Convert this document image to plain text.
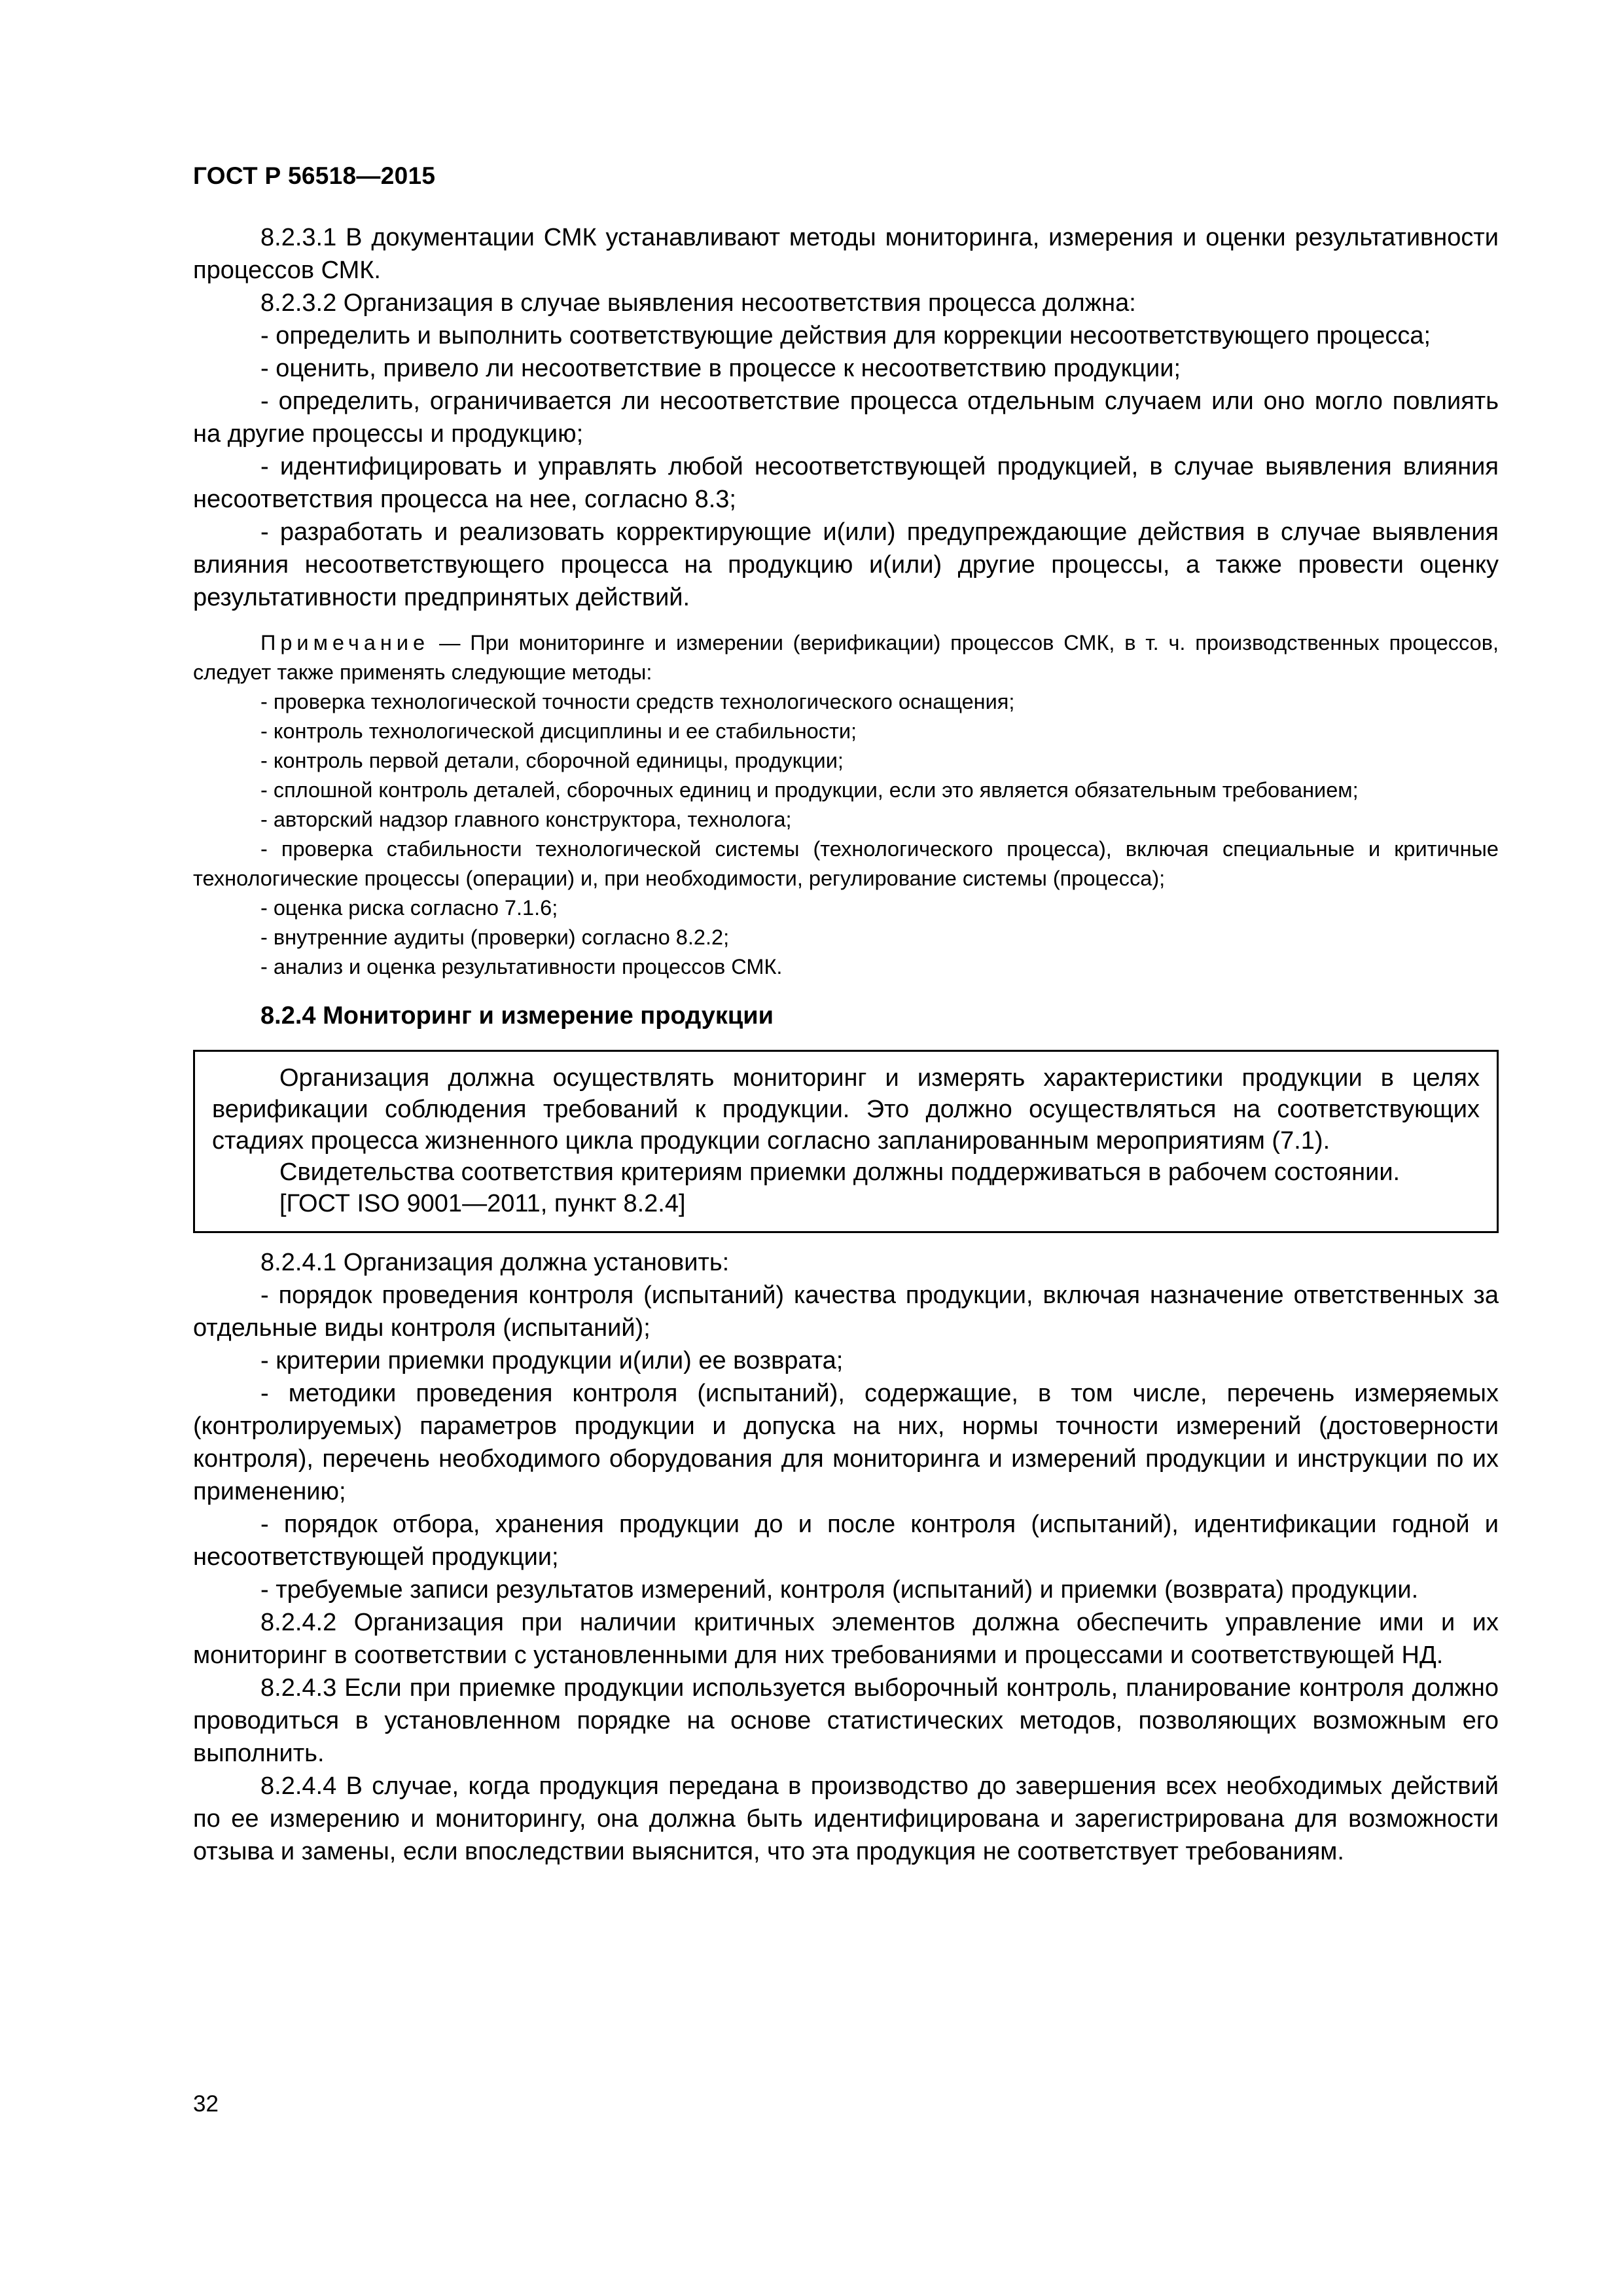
ГОСТ Р 56518—2015

8.2.3.1 В документации СМК устанавливают методы мониторинга, измерения и оценки результативности процессов СМК.

8.2.3.2 Организация в случае выявления несоответствия процесса должна:

- определить и выполнить соответствующие действия для коррекции несоответствующего процесса;

- оценить, привело ли несоответствие в процессе к несоответствию продукции;

- определить, ограничивается ли несоответствие процесса отдельным случаем или оно могло повлиять на другие процессы и продукцию;

- идентифицировать и управлять любой несоответствующей продукцией, в случае выявления влияния несоответствия процесса на нее, согласно 8.3;

- разработать и реализовать корректирующие и(или) предупреждающие действия в случае выявления влияния несоответствующего процесса на продукцию и(или) другие процессы, а также провести оценку результативности предпринятых действий.

Примечание — При мониторинге и измерении (верификации) процессов СМК, в т. ч. производственных процессов, следует также применять следующие методы:

- проверка технологической точности средств технологического оснащения;

- контроль технологической дисциплины и ее стабильности;

- контроль первой детали, сборочной единицы, продукции;

- сплошной контроль деталей, сборочных единиц и продукции, если это является обязательным требованием;

- авторский надзор главного конструктора, технолога;

- проверка стабильности технологической системы (технологического процесса), включая специальные и критичные технологические процессы (операции) и, при необходимости, регулирование системы (процесса);

- оценка риска согласно 7.1.6;

- внутренние аудиты (проверки) согласно 8.2.2;

- анализ и оценка результативности процессов СМК.

8.2.4 Мониторинг и измерение продукции

Организация должна осуществлять мониторинг и измерять характеристики продукции в целях верификации соблюдения требований к продукции. Это должно осуществляться на соответствующих стадиях процесса жизненного цикла продукции согласно запланированным мероприятиям (7.1).

Свидетельства соответствия критериям приемки должны поддерживаться в рабочем состоянии.

[ГОСТ ISO 9001—2011, пункт 8.2.4]

8.2.4.1 Организация должна установить:

- порядок проведения контроля (испытаний) качества продукции, включая назначение ответственных за отдельные виды контроля (испытаний);

- критерии приемки продукции и(или) ее возврата;

- методики проведения контроля (испытаний), содержащие, в том числе, перечень измеряемых (контролируемых) параметров продукции и допуска на них, нормы точности измерений (достоверности контроля), перечень необходимого оборудования для мониторинга и измерений продукции и инструкции по их применению;

- порядок отбора, хранения продукции до и после контроля (испытаний), идентификации годной и несоответствующей продукции;

- требуемые записи результатов измерений, контроля (испытаний) и приемки (возврата) продукции.

8.2.4.2 Организация при наличии критичных элементов должна обеспечить управление ими и их мониторинг в соответствии с установленными для них требованиями и процессами и соответствующей НД.

8.2.4.3 Если при приемке продукции используется выборочный контроль, планирование контроля должно проводиться в установленном порядке на основе статистических методов, позволяющих возможным его выполнить.

8.2.4.4 В случае, когда продукция передана в производство до завершения всех необходимых действий по ее измерению и мониторингу, она должна быть идентифицирована и зарегистрирована для возможности отзыва и замены, если впоследствии выяснится, что эта продукция не соответствует требованиям.

32
